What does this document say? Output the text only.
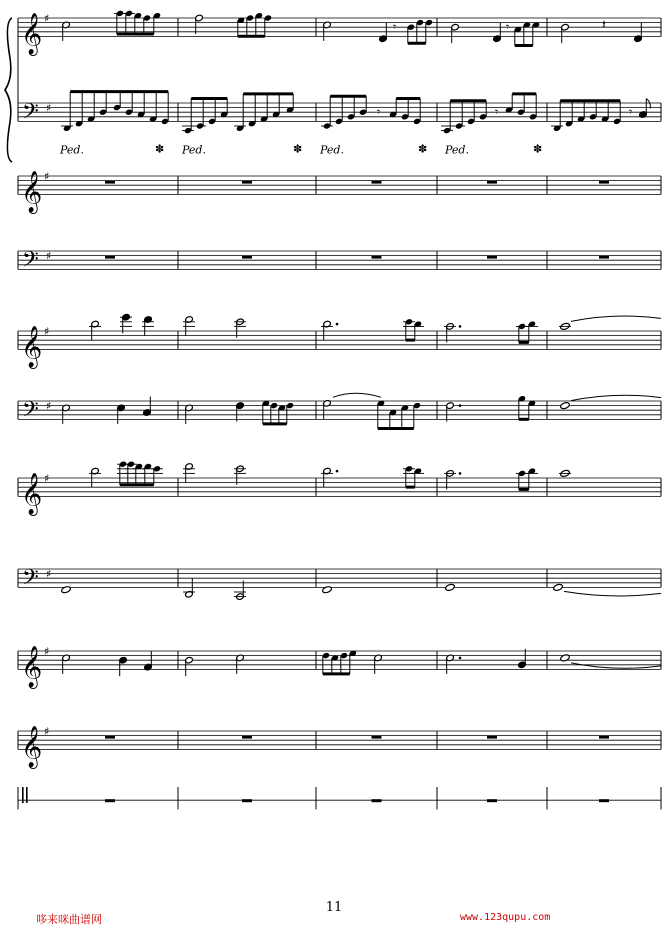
𝄞 ♯
𝄢 ♯
𝄞 ♯
𝄢 ♯
𝄞 ♯
𝄢 ♯
𝄞 ♯
𝄢 ♯
𝄞 ♯
𝄞 ♯
𝄾	𝄾	𝄽
𝄾	𝄾	𝄾
Ped.	✽ Ped.	✽ Ped.	✽ Ped.	✽
11
哆来咪曲谱网	www.123qupu.com
